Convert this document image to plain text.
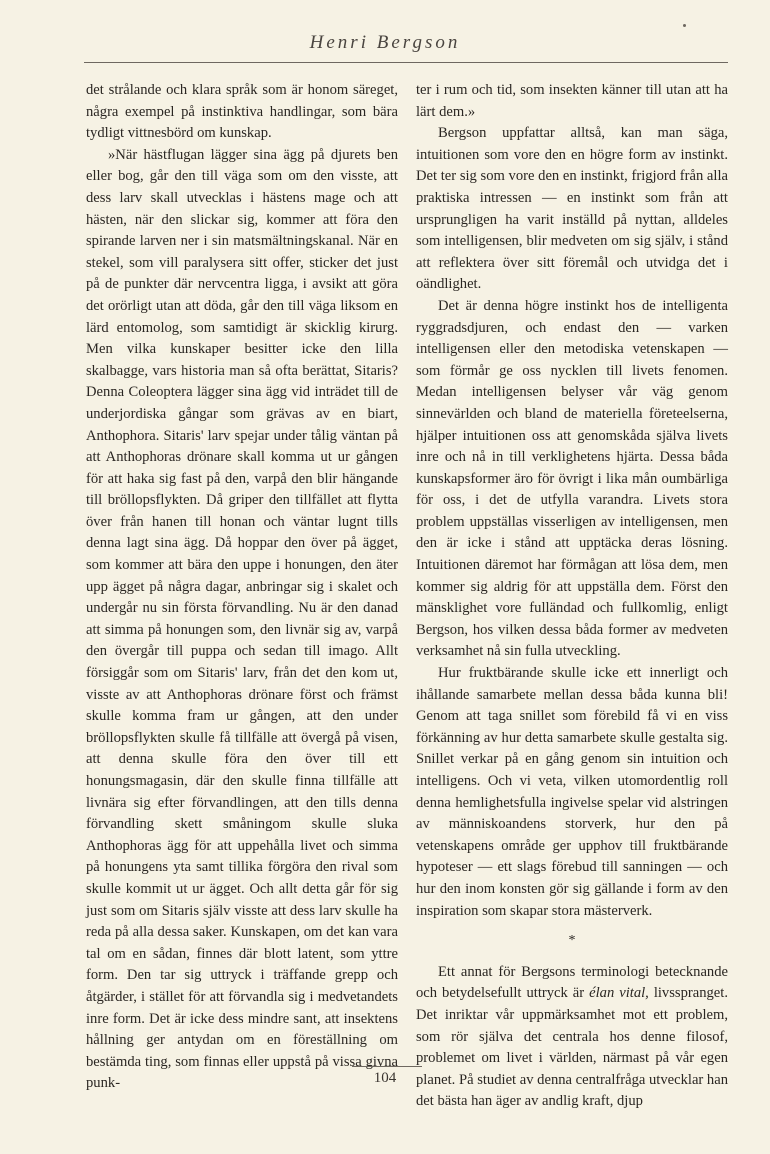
Henri Bergson

det strålande och klara språk som är honom säreget, några exempel på instinktiva handlingar, som bära tydligt vittnesbörd om kunskap.

»När hästflugan lägger sina ägg på djurets ben eller bog, går den till väga som om den visste, att dess larv skall utvecklas i hästens mage och att hästen, när den slickar sig, kommer att föra den spirande larven ner i sin matsmältningskanal. När en stekel, som vill paralysera sitt offer, sticker det just på de punkter där nervcentra ligga, i avsikt att göra det orörligt utan att döda, går den till väga liksom en lärd entomolog, som samtidigt är skicklig kirurg. Men vilka kunskaper besitter icke den lilla skalbagge, vars historia man så ofta berättat, Sitaris? Denna Coleoptera lägger sina ägg vid inträdet till de underjordiska gångar som grävas av en biart, Anthophora. Sitaris' larv spejar under tålig väntan på att Anthophoras drönare skall komma ut ur gången för att haka sig fast på den, varpå den blir hängande till bröllopsflykten. Då griper den tillfället att flytta över från hanen till honan och väntar lugnt tills denna lagt sina ägg. Då hoppar den över på ägget, som kommer att bära den uppe i honungen, den äter upp ägget på några dagar, anbringar sig i skalet och undergår nu sin första förvandling. Nu är den danad att simma på honungen som, den livnär sig av, varpå den övergår till puppa och sedan till imago. Allt försiggår som om Sitaris' larv, från det den kom ut, visste av att Anthophoras drönare först och främst skulle komma fram ur gången, att den under bröllopsflykten skulle få tillfälle att övergå på visen, att denna skulle föra den över till ett honungsmagasin, där den skulle finna tillfälle att livnära sig efter förvandlingen, att den tills denna förvandling skett småningom skulle sluka Anthophoras ägg för att uppehålla livet och simma på honungens yta samt tillika förgöra den rival som skulle kommit ut ur ägget. Och allt detta går för sig just som om Sitaris själv visste att dess larv skulle ha reda på alla dessa saker. Kunskapen, om det kan vara tal om en sådan, finnes där blott latent, som yttre form. Den tar sig uttryck i träffande grepp och åtgärder, i stället för att förvandla sig i medvetandets inre form. Det är icke dess mindre sant, att insektens hållning ger antydan om en föreställning om bestämda ting, som finnas eller uppstå på vissa givna punk-

ter i rum och tid, som insekten känner till utan att ha lärt dem.»

Bergson uppfattar alltså, kan man säga, intuitionen som vore den en högre form av instinkt. Det ter sig som vore den en instinkt, frigjord från alla praktiska intressen — en instinkt som från att ursprungligen ha varit inställd på nyttan, alldeles som intelligensen, blir medveten om sig själv, i stånd att reflektera över sitt föremål och utvidga det i oändlighet.

Det är denna högre instinkt hos de intelligenta ryggradsdjuren, och endast den — varken intelligensen eller den metodiska vetenskapen — som förmår ge oss nycklen till livets fenomen. Medan intelligensen belyser vår väg genom sinnevärlden och bland de materiella företeelserna, hjälper intuitionen oss att genomskåda själva livets inre och nå in till verklighetens hjärta. Dessa båda kunskapsformer äro för övrigt i lika mån oumbärliga för oss, i det de utfylla varandra. Livets stora problem uppställas visserligen av intelligensen, men den är icke i stånd att upptäcka deras lösning. Intuitionen däremot har förmågan att lösa dem, men kommer sig aldrig för att uppställa dem. Först den mänsklighet vore fulländad och fullkomlig, enligt Bergson, hos vilken dessa båda former av medveten verksamhet nå sin fulla utveckling.

Hur fruktbärande skulle icke ett innerligt och ihållande samarbete mellan dessa båda kunna bli! Genom att taga snillet som förebild få vi en viss förkänning av hur detta samarbete skulle gestalta sig. Snillet verkar på en gång genom sin intuition och intelligens. Och vi veta, vilken utomordentlig roll denna hemlighetsfulla ingivelse spelar vid alstringen av människoandens storverk, hur den på vetenskapens område ger upphov till fruktbärande hypoteser — ett slags förebud till sanningen — och hur den inom konsten gör sig gällande i form av den inspiration som skapar stora mästerverk.

*

Ett annat för Bergsons terminologi betecknande och betydelsefullt uttryck är élan vital, livsspranget. Det inriktar vår uppmärksamhet mot ett problem, som rör själva det centrala hos denne filosof, problemet om livet i världen, närmast på vår egen planet. På studiet av denna centralfråga utvecklar han det bästa han äger av andlig kraft, djup

104
